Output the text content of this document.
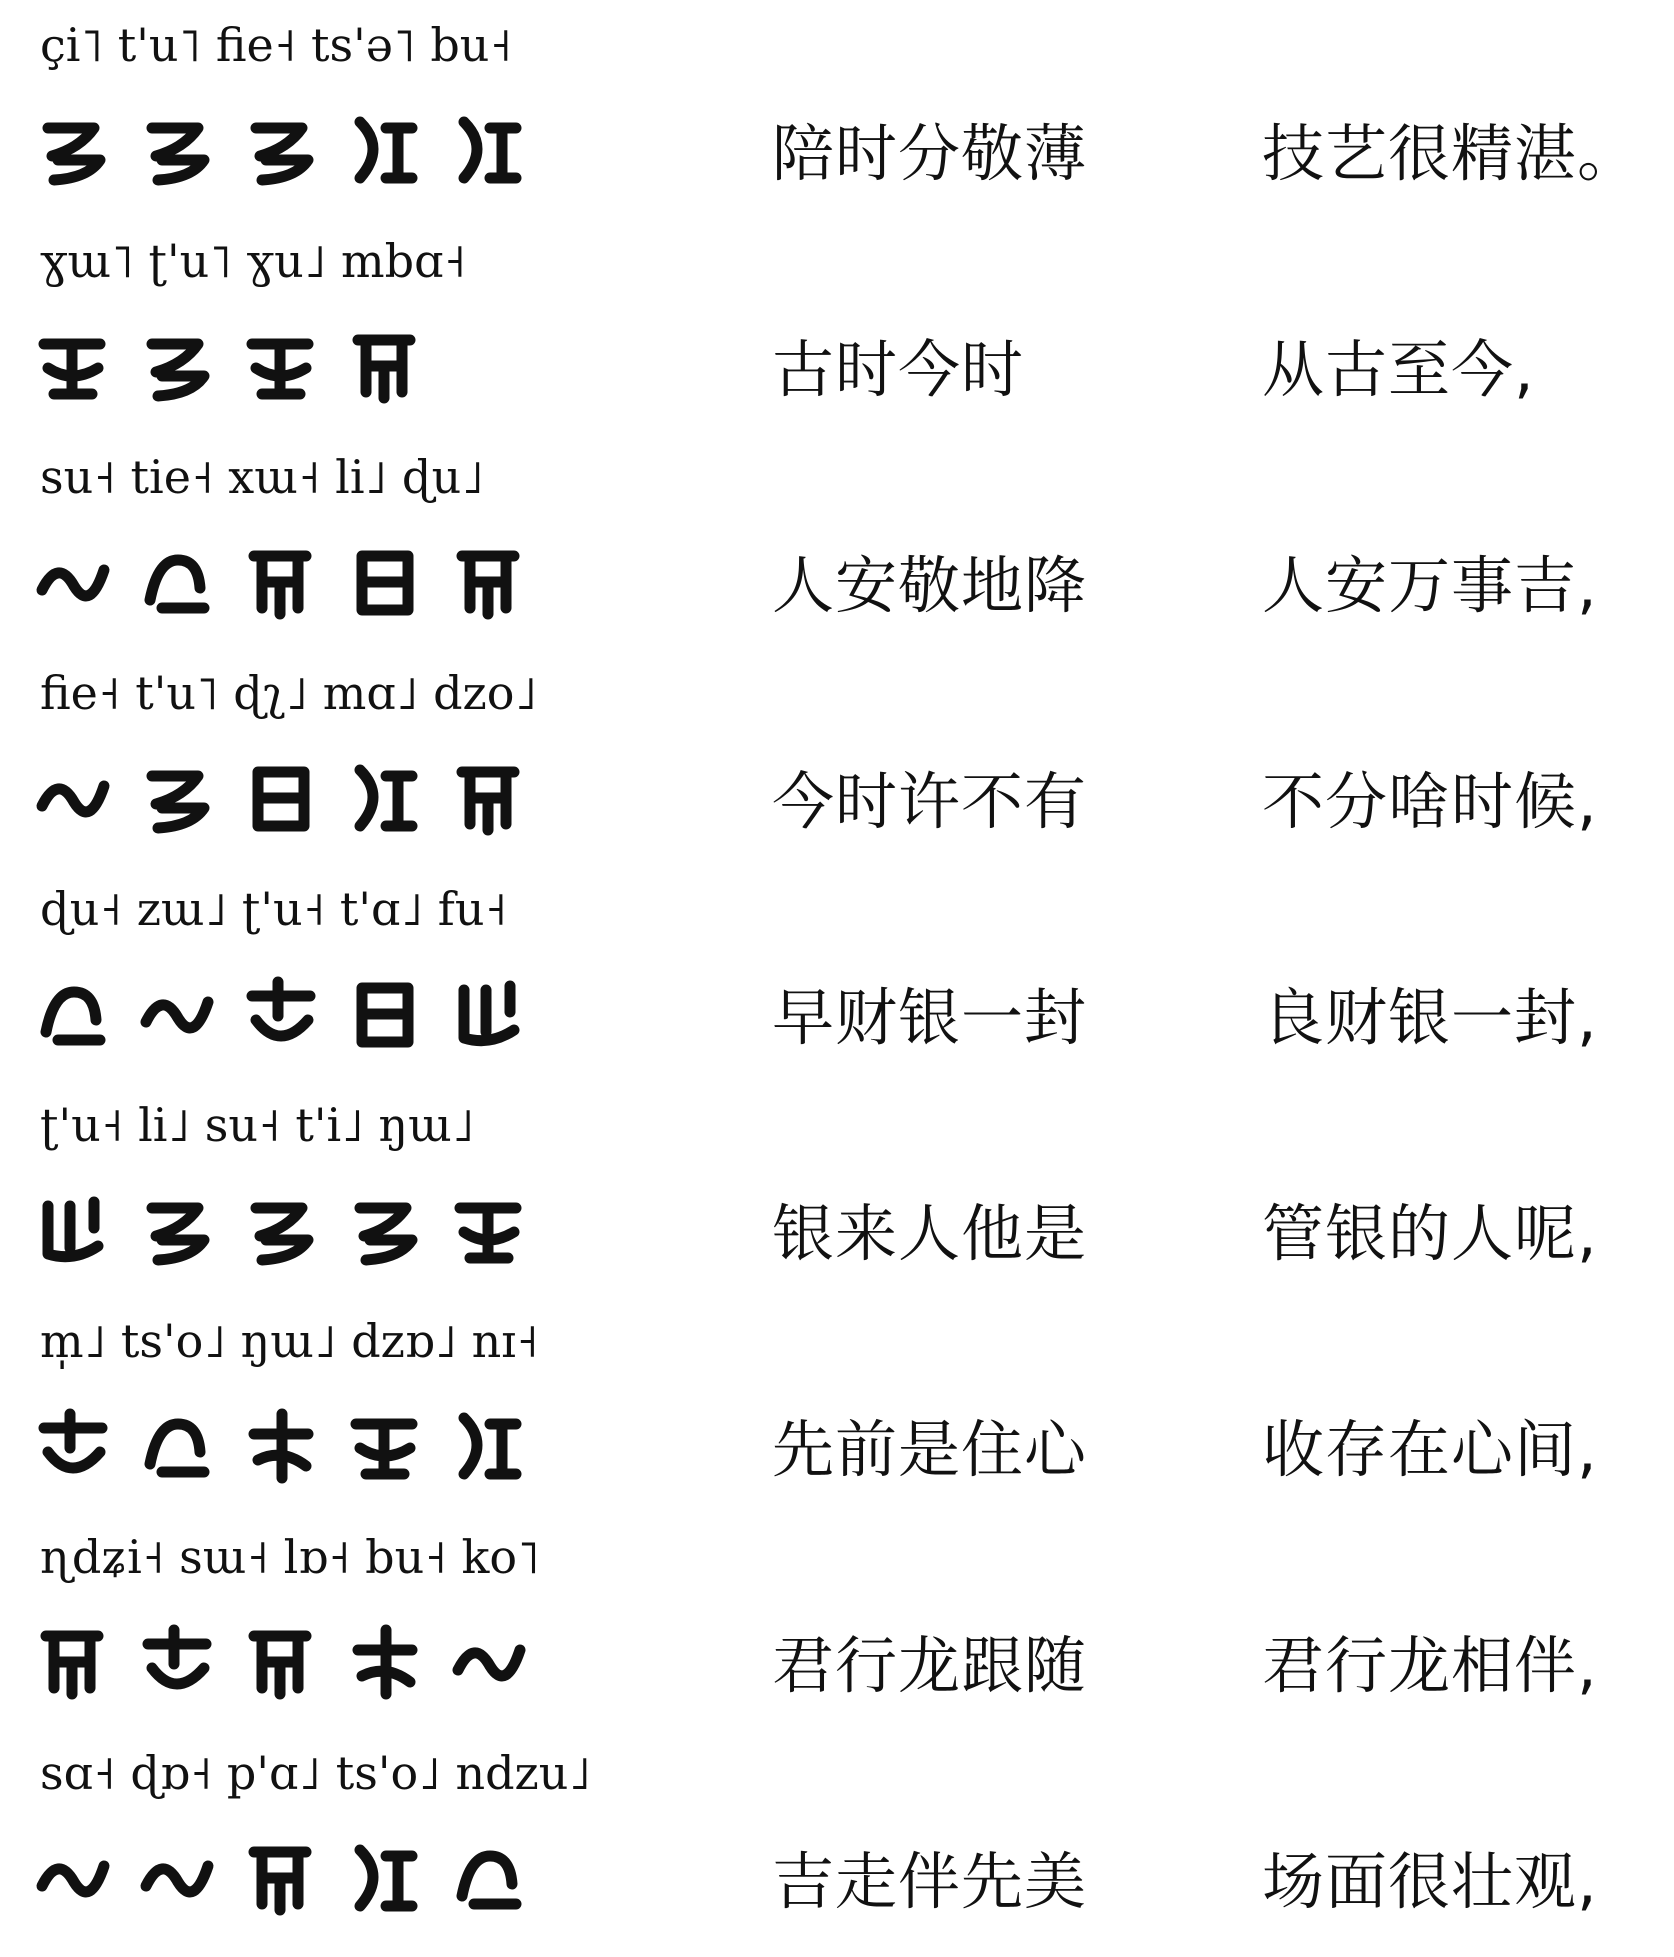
çi˥ t'u˥ fie˧ ts'ə˥ bu˧
陪时分敬薄	技艺很精湛。
ɣɯ˥ ʈ'u˥ ɣu˩ mbɑ˧
古时今时	从古至今,
su˧ tie˧ xɯ˧ li˩ ɖu˩
人安敬地降	人安万事吉,
fie˧ t'u˥ ɖʅ˩ mɑ˩ dzo˩
今时许不有	不分啥时候,
ɖu˧ zɯ˩ ʈ'u˧ t'ɑ˩ fu˧
早财银一封	良财银一封,
ʈ'u˧ li˩ su˧ t'i˩ ŋɯ˩
银来人他是	管银的人呢,
m̩˩ ts'o˩ ŋɯ˩ dzɒ˩ nɪ˧
先前是住心	收存在心间,
ɳdʑi˧ sɯ˧ lɒ˧ bu˧ ko˥
君行龙跟随	君行龙相伴,
sɑ˧ ɖɒ˧ p'ɑ˩ ts'o˩ ndzu˩
吉走伴先美	场面很壮观,
